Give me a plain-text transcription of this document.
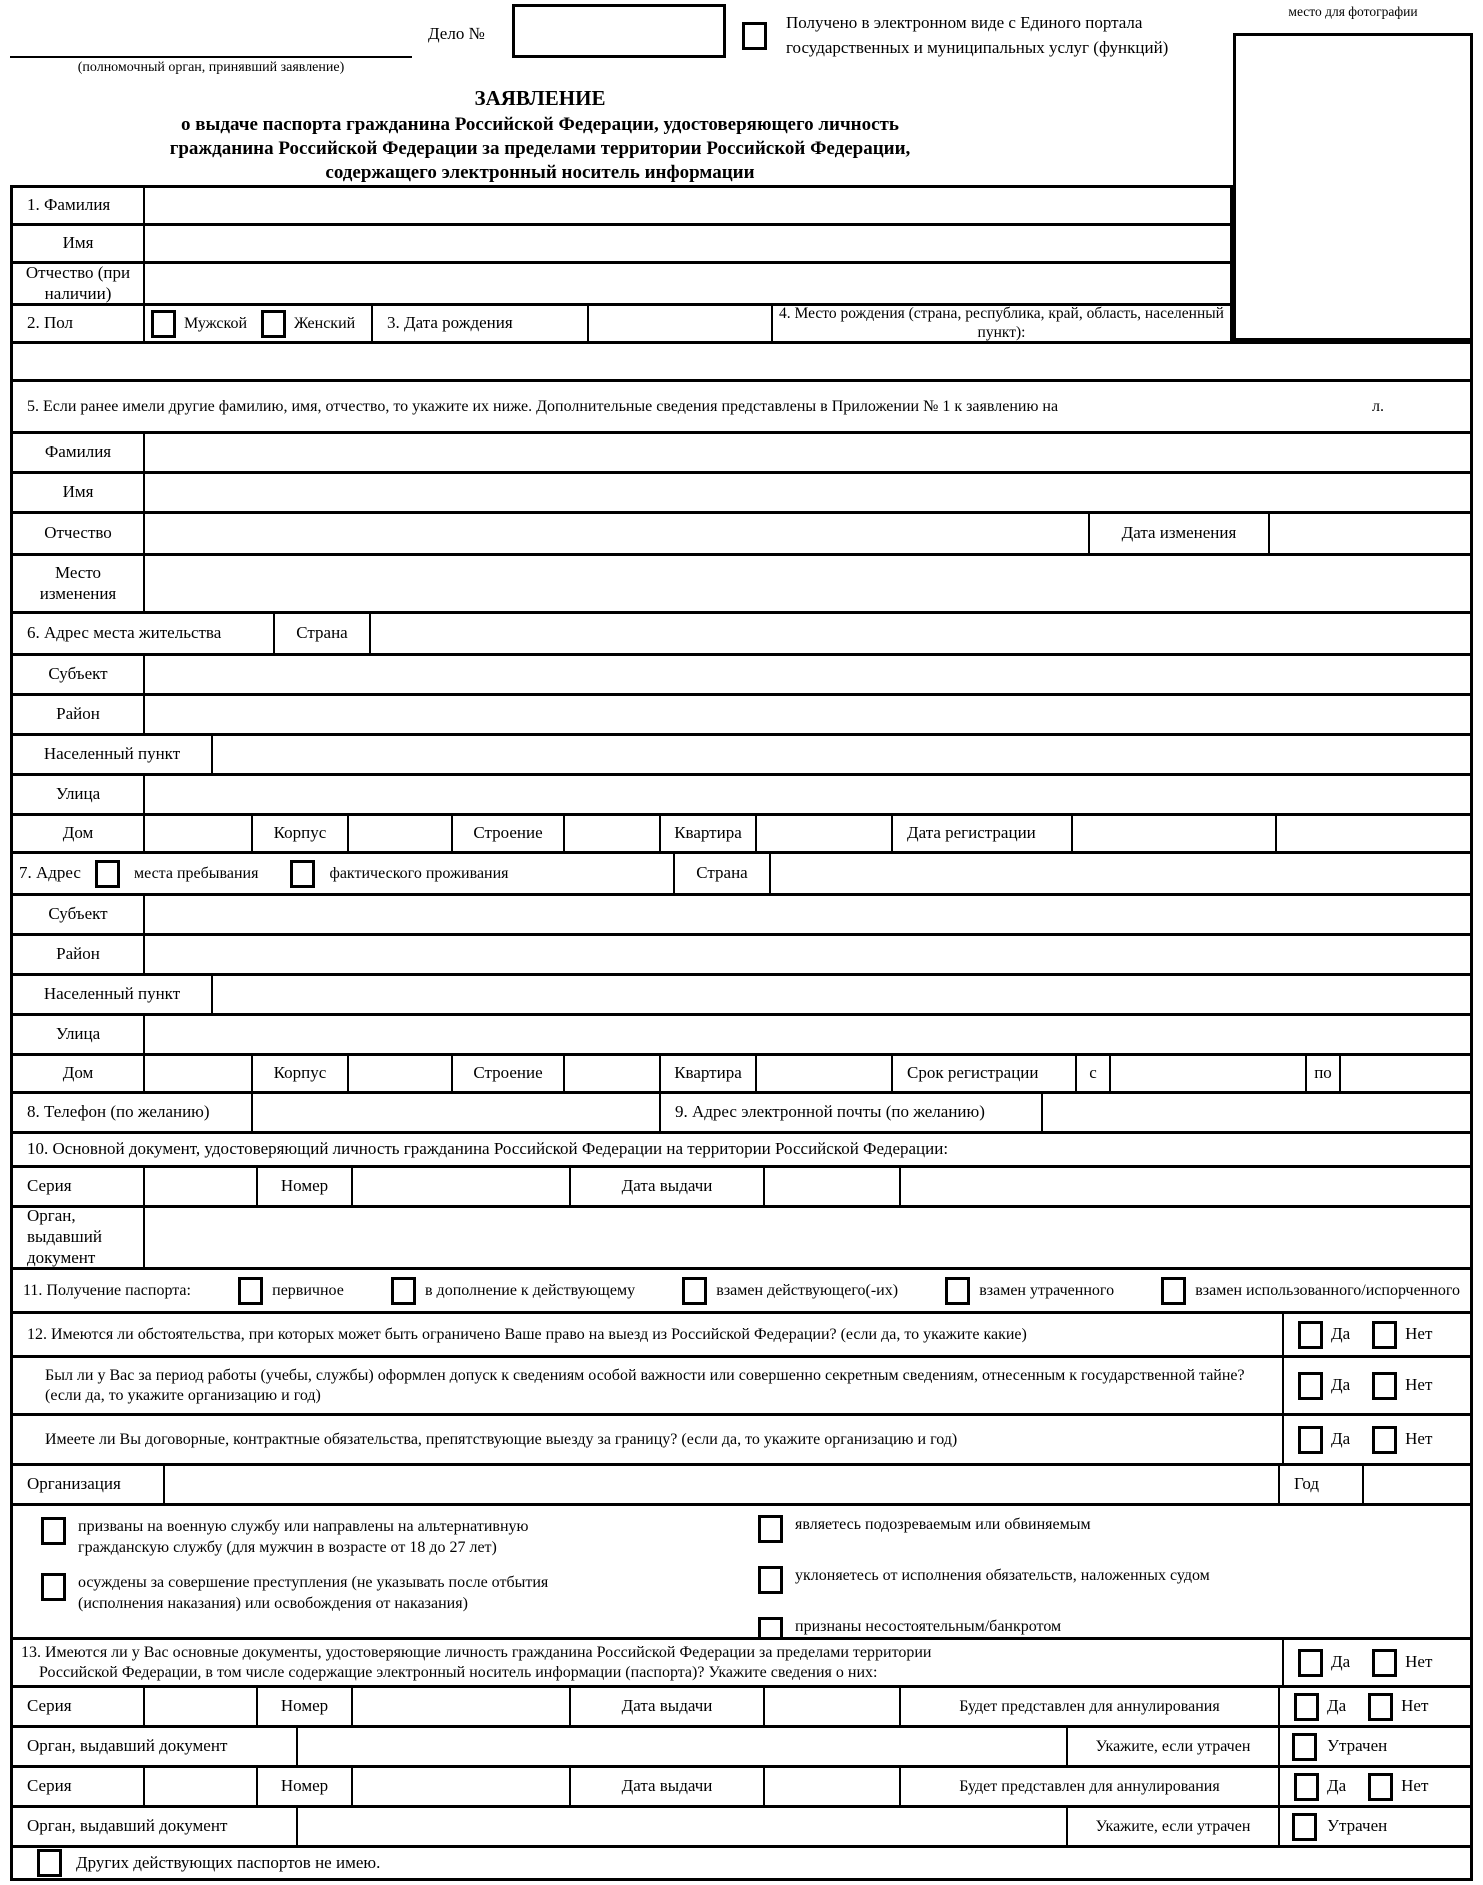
(полномочный орган, принявший заявление)
Дело №
Получено в электронном виде с Единого портала
государственных и муниципальных услуг (функций)
место для фотографии
ЗАЯВЛЕНИЕ
о выдаче паспорта гражданина Российской Федерации, удостоверяющего личность
гражданина Российской Федерации за пределами территории Российской Федерации,
содержащего электронный носитель информации
1. Фамилия
Имя
Отчество (при наличии)
2. Пол	Мужской	Женский	3. Дата рождения
4. Место рождения (страна, республика, край, область, населенный пункт):
5. Если ранее имели другие фамилию, имя, отчество, то укажите их ниже. Дополнительные сведения представлены в Приложении № 1 к заявлению на	л.
Фамилия
Имя
Отчество	Дата изменения
Место изменения
6. Адрес места жительства	Страна
Субъект
Район
Населенный пункт
Улица
Дом	Корпус	Строение	Квартира	Дата регистрации
7. Адрес	места пребывания	фактического проживания	Страна
Субъект
Район
Населенный пункт
Улица
Дом	Корпус	Строение	Квартира	Срок регистрации	с	по
8. Телефон (по желанию)	9. Адрес электронной почты (по желанию)
10. Основной документ, удостоверяющий личность гражданина Российской Федерации на территории Российской Федерации:
Серия	Номер	Дата выдачи
Орган, выдавший документ
11. Получение паспорта:	первичное	в дополнение к действующему	взамен действующего(-их)	взамен утраченного	взамен использованного/испорченного
12. Имеются ли обстоятельства, при которых может быть ограничено Ваше право на выезд из Российской Федерации? (если да, то укажите какие)	Да	Нет
Был ли у Вас за период работы (учебы, службы) оформлен допуск к сведениям особой важности или совершенно секретным сведениям, отнесенным к государственной тайне? (если да, то укажите организацию и год)
Да	Нет
Имеете ли Вы договорные, контрактные обязательства, препятствующие выезду за границу? (если да, то укажите организацию и год)	Да	Нет
Организация	Год
призваны на военную службу или направлены на альтернативную гражданскую службу (для мужчин в возрасте от 18 до 27 лет)
осуждены за совершение преступления (не указывать после отбытия (исполнения наказания) или освобождения от наказания)
являетесь подозреваемым или обвиняемым
уклоняетесь от исполнения обязательств, наложенных судом
признаны несостоятельным/банкротом
13. Имеются ли у Вас основные документы, удостоверяющие личность гражданина Российской Федерации за пределами территории
Российской Федерации, в том числе содержащие электронный носитель информации (паспорта)? Укажите сведения о них:
Да	Нет
Серия	Номер	Дата выдачи	Будет представлен для аннулирования	Да	Нет
Орган, выдавший документ	Укажите, если утрачен	Утрачен
Серия	Номер	Дата выдачи	Будет представлен для аннулирования	Да	Нет
Орган, выдавший документ	Укажите, если утрачен	Утрачен
Других действующих паспортов не имею.
